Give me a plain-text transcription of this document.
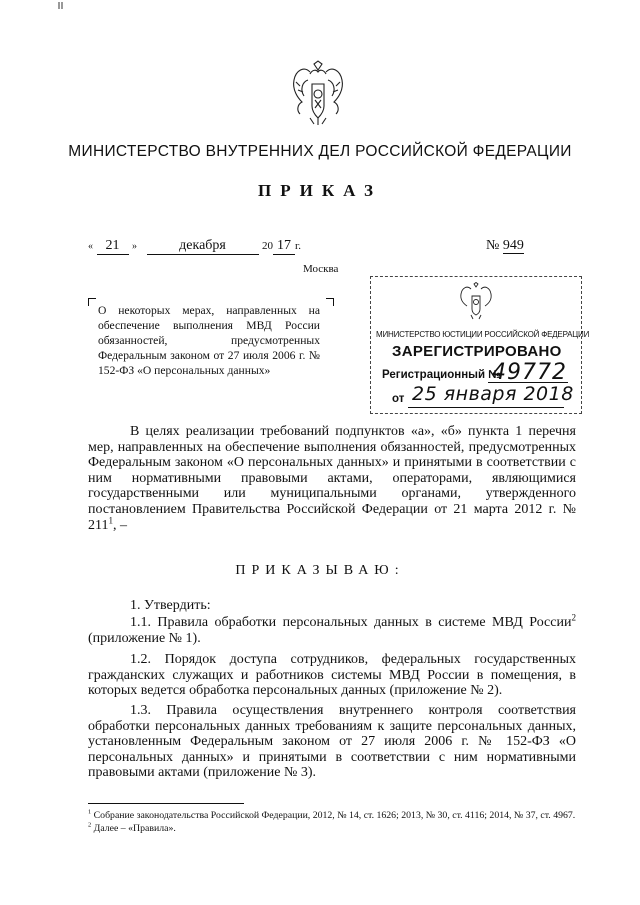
МИНИСТЕРСТВО ВНУТРЕННИХ ДЕЛ РОССИЙСКОЙ ФЕДЕРАЦИИ
ПРИКАЗ
« 21 »	декабря	20 17 г.	№ 949
Москва
О некоторых мерах, направленных на обеспечение выполнения МВД России обязанностей, предусмотренных Федеральным законом от 27 июля 2006 г. № 152-ФЗ «О персональных данных»
МИНИСТЕРСТВО ЮСТИЦИИ РОССИЙСКОЙ ФЕДЕРАЦИИ
ЗАРЕГИСТРИРОВАНО
Регистрационный №
49772
от 25 января 2018
В целях реализации требований подпунктов «а», «б» пункта 1 перечня мер, направленных на обеспечение выполнения обязанностей, предусмотренных Федеральным законом «О персональных данных» и принятыми в соответствии с ним нормативными правовыми актами, операторами, являющимися государственными или муниципальными органами, утвержденного постановлением Правительства Российской Федерации от 21 марта 2012 г. № $211^1$, –
ПРИКАЗЫВАЮ:
1. Утвердить:
1.1. Правила обработки персональных данных в системе МВД России$^2$ (приложение № 1).
1.2. Порядок доступа сотрудников, федеральных государственных гражданских служащих и работников системы МВД России в помещения, в которых ведется обработка персональных данных (приложение № 2).
1.3. Правила осуществления внутреннего контроля соответствия обработки персональных данных требованиям к защите персональных данных, установленным Федеральным законом от 27 июля 2006 г. № 152-ФЗ «О персональных данных» и принятыми в соответствии с ним нормативными правовыми актами (приложение № 3).
$^1$ Собрание законодательства Российской Федерации, 2012, № 14, ст. 1626; 2013, № 30, ст. 4116; 2014, № 37, ст. 4967.
$^2$ Далее – «Правила».
